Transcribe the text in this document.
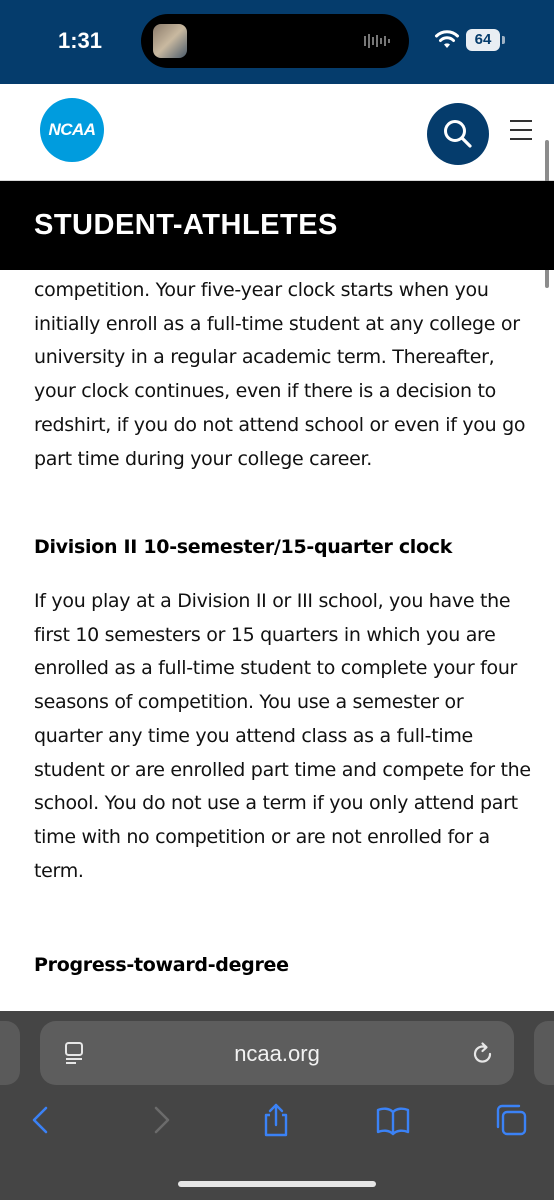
1:31	64
NCAA
STUDENT-ATHLETES

competition. Your five-year clock starts when you initially enroll as a full-time student at any college or university in a regular academic term. Thereafter, your clock continues, even if there is a decision to redshirt, if you do not attend school or even if you go part time during your college career.

Division II 10-semester/15-quarter clock

If you play at a Division II or III school, you have the first 10 semesters or 15 quarters in which you are enrolled as a full-time student to complete your four seasons of competition. You use a semester or quarter any time you attend class as a full-time student or are enrolled part time and compete for the school. You do not use a term if you only attend part time with no competition or are not enrolled for a term.

Progress-toward-degree

ncaa.org
